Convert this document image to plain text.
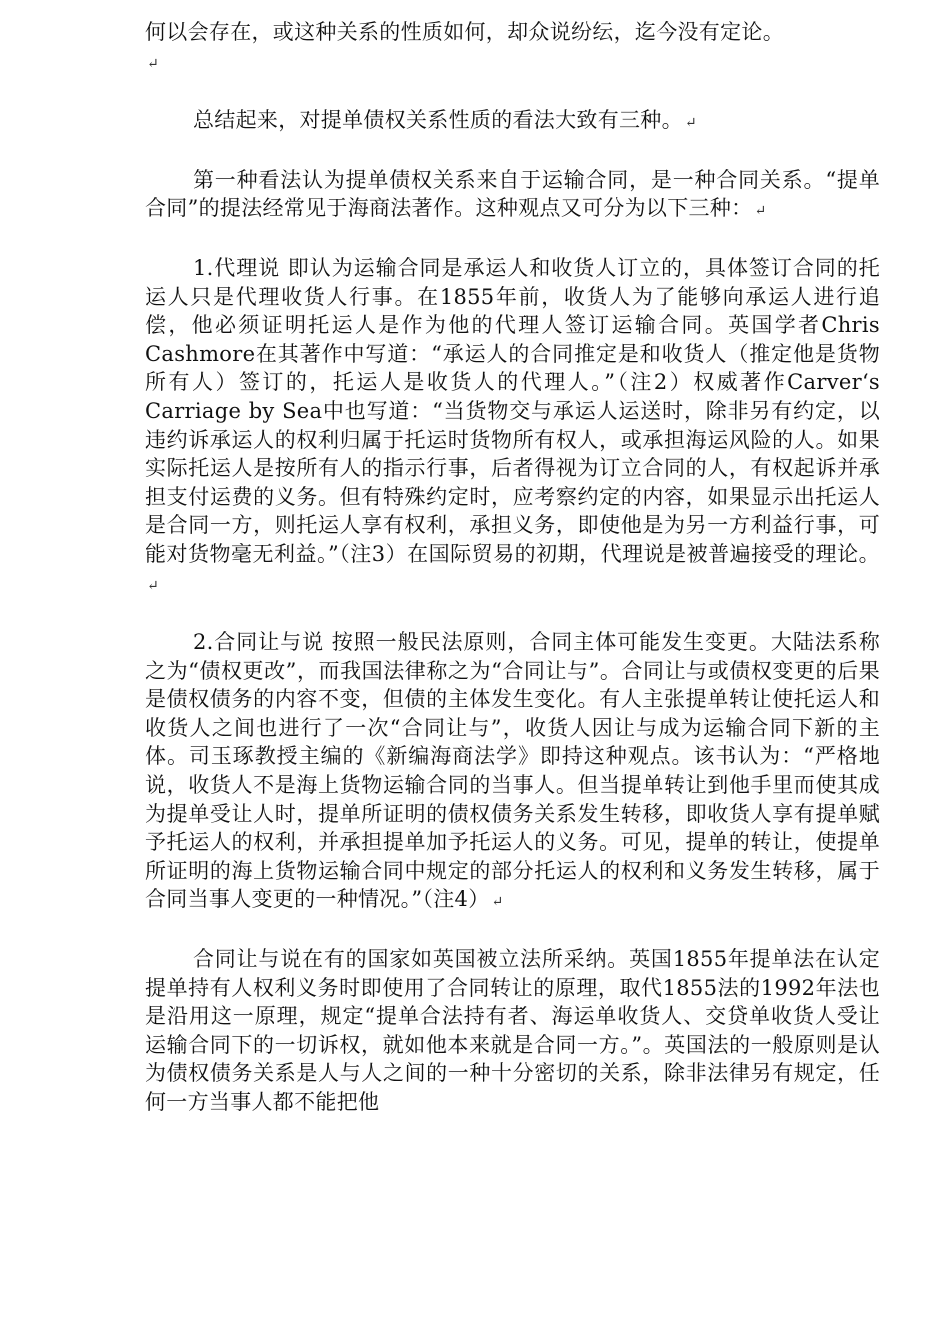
何以会存在，或这种关系的性质如何，却众说纷纭，迄今没有定论。
↵

总结起来，对提单债权关系性质的看法大致有三种。 ↵

第一种看法认为提单债权关系来自于运输合同，是一种合同关系。“提单合同”的提法经常见于海商法著作。这种观点又可分为以下三种： ↵

1.代理说 即认为运输合同是承运人和收货人订立的，具体签订合同的托运人只是代理收货人行事。在1855年前，收货人为了能够向承运人进行追偿，他必须证明托运人是作为他的代理人签订运输合同。英国学者Chris Cashmore在其著作中写道：“承运人的合同推定是和收货人（推定他是货物所有人）签订的，托运人是收货人的代理人。”（注2）权威著作Carver‘s Carriage by Sea中也写道：“当货物交与承运人运送时，除非另有约定，以违约诉承运人的权利归属于托运时货物所有权人，或承担海运风险的人。如果实际托运人是按所有人的指示行事，后者得视为订立合同的人，有权起诉并承担支付运费的义务。但有特殊约定时，应考察约定的内容，如果显示出托运人是合同一方，则托运人享有权利，承担义务，即使他是为另一方利益行事，可能对货物毫无利益。”（注3）在国际贸易的初期，代理说是被普遍接受的理论。↵

2.合同让与说 按照一般民法原则，合同主体可能发生变更。大陆法系称之为“债权更改”，而我国法律称之为“合同让与”。合同让与或债权变更的后果是债权债务的内容不变，但债的主体发生变化。有人主张提单转让使托运人和收货人之间也进行了一次“合同让与”，收货人因让与成为运输合同下新的主体。司玉琢教授主编的《新编海商法学》即持这种观点。该书认为：“严格地说，收货人不是海上货物运输合同的当事人。但当提单转让到他手里而使其成为提单受让人时，提单所证明的债权债务关系发生转移，即收货人享有提单赋予托运人的权利，并承担提单加予托运人的义务。可见，提单的转让，使提单所证明的海上货物运输合同中规定的部分托运人的权利和义务发生转移，属于合同当事人变更的一种情况。”（注4） ↵

合同让与说在有的国家如英国被立法所采纳。英国1855年提单法在认定提单持有人权利义务时即使用了合同转让的原理，取代1855法的1992年法也是沿用这一原理，规定“提单合法持有者、海运单收货人、交贷单收货人受让运输合同下的一切诉权，就如他本来就是合同一方。”。英国法的一般原则是认为债权债务关系是人与人之间的一种十分密切的关系，除非法律另有规定，任何一方当事人都不能把他
